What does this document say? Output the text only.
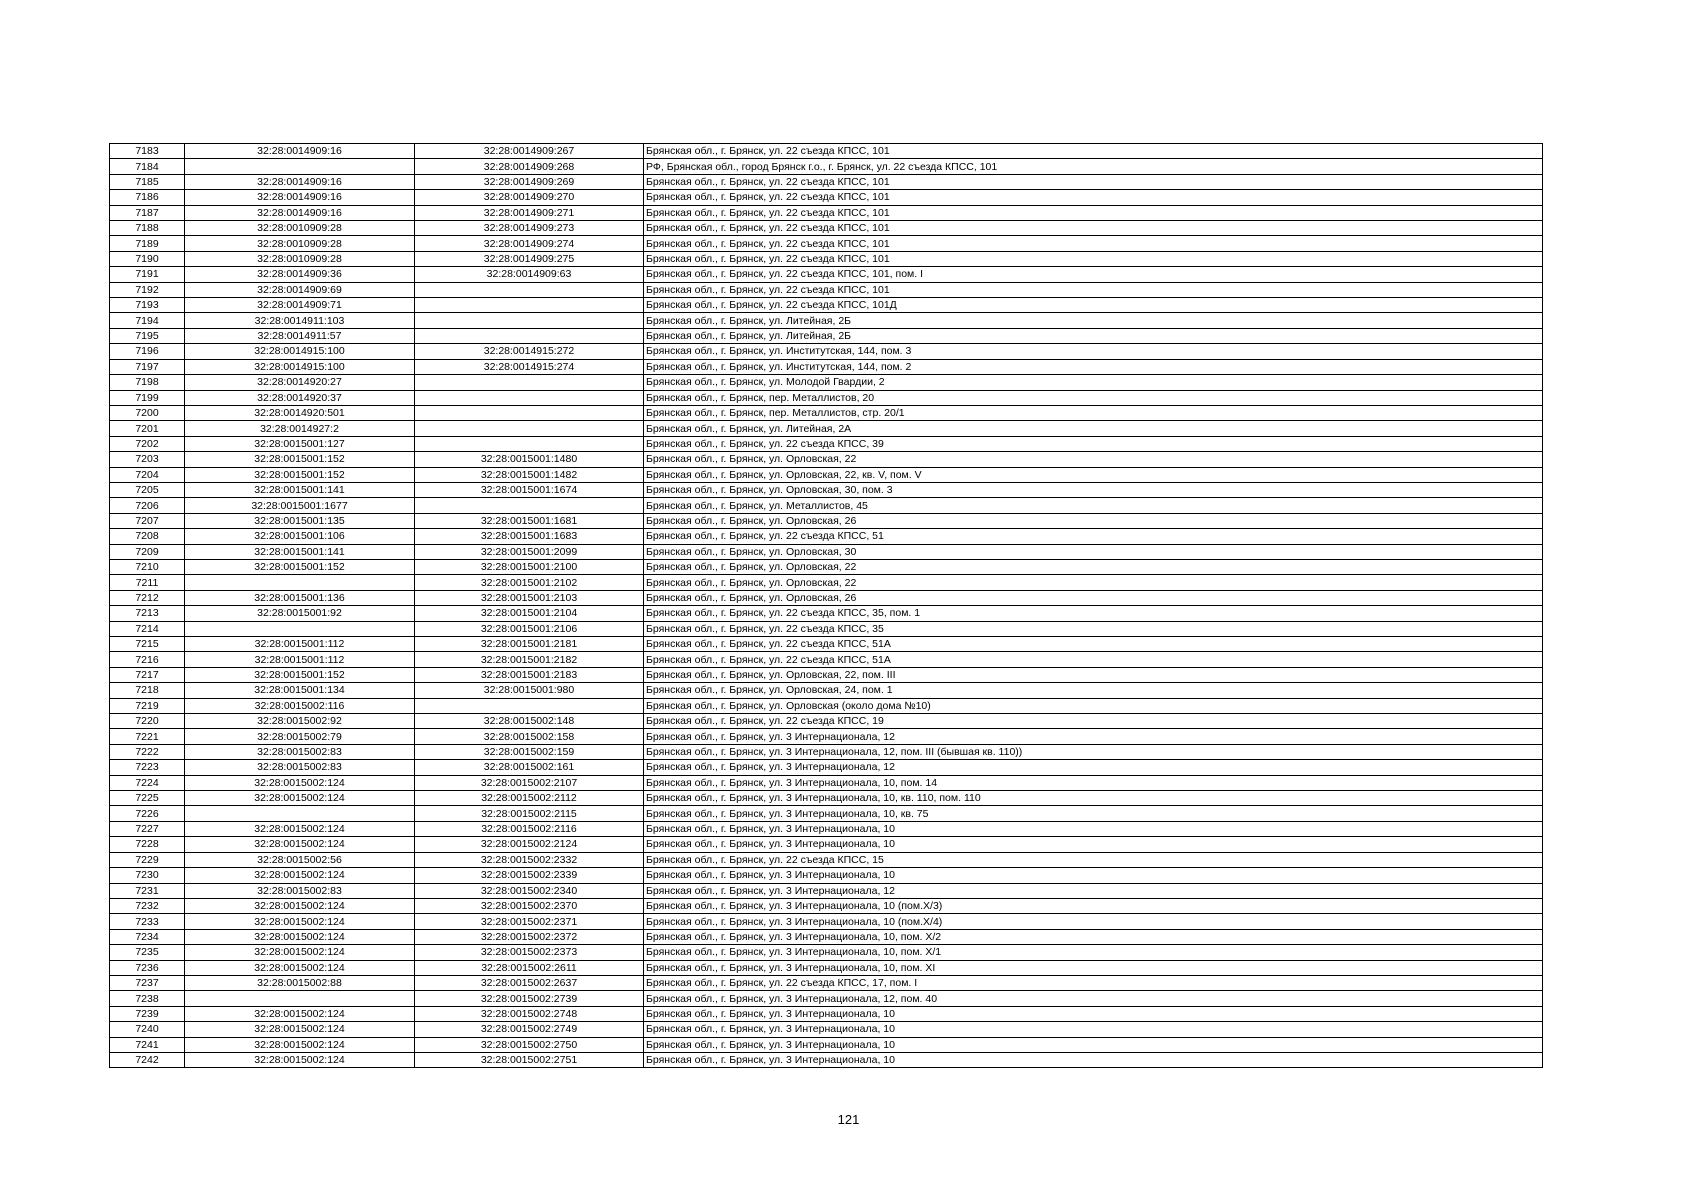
7183	32:28:0014909:16	32:28:0014909:267	Брянская обл., г. Брянск, ул. 22 съезда КПСС, 101
7184		32:28:0014909:268	РФ, Брянская обл., город Брянск г.о., г. Брянск, ул. 22 съезда КПСС, 101
7185	32:28:0014909:16	32:28:0014909:269	Брянская обл., г. Брянск, ул. 22 съезда КПСС, 101
7186	32:28:0014909:16	32:28:0014909:270	Брянская обл., г. Брянск, ул. 22 съезда КПСС, 101
7187	32:28:0014909:16	32:28:0014909:271	Брянская обл., г. Брянск, ул. 22 съезда КПСС, 101
7188	32:28:0010909:28	32:28:0014909:273	Брянская обл., г. Брянск, ул. 22 съезда КПСС, 101
7189	32:28:0010909:28	32:28:0014909:274	Брянская обл., г. Брянск, ул. 22 съезда КПСС, 101
7190	32:28:0010909:28	32:28:0014909:275	Брянская обл., г. Брянск, ул. 22 съезда КПСС, 101
7191	32:28:0014909:36	32:28:0014909:63	Брянская обл., г. Брянск, ул. 22 съезда КПСС, 101, пом. I
7192	32:28:0014909:69		Брянская обл., г. Брянск, ул. 22 съезда КПСС, 101
7193	32:28:0014909:71		Брянская обл., г. Брянск, ул. 22 съезда КПСС, 101Д
7194	32:28:0014911:103		Брянская обл., г. Брянск, ул. Литейная, 2Б
7195	32:28:0014911:57		Брянская обл., г. Брянск, ул. Литейная, 2Б
7196	32:28:0014915:100	32:28:0014915:272	Брянская обл., г. Брянск, ул. Институтская, 144, пом. 3
7197	32:28:0014915:100	32:28:0014915:274	Брянская обл., г. Брянск, ул. Институтская, 144, пом. 2
7198	32:28:0014920:27		Брянская обл., г. Брянск, ул. Молодой Гвардии, 2
7199	32:28:0014920:37		Брянская обл., г. Брянск, пер. Металлистов, 20
7200	32:28:0014920:501		Брянская обл., г. Брянск, пер. Металлистов, стр. 20/1
7201	32:28:0014927:2		Брянская обл., г. Брянск, ул. Литейная, 2А
7202	32:28:0015001:127		Брянская обл., г. Брянск, ул. 22 съезда КПСС, 39
7203	32:28:0015001:152	32:28:0015001:1480	Брянская обл., г. Брянск, ул. Орловская, 22
7204	32:28:0015001:152	32:28:0015001:1482	Брянская обл., г. Брянск, ул. Орловская, 22, кв. V, пом. V
7205	32:28:0015001:141	32:28:0015001:1674	Брянская обл., г. Брянск, ул. Орловская, 30, пом. 3
7206	32:28:0015001:1677		Брянская обл., г. Брянск, ул. Металлистов, 45
7207	32:28:0015001:135	32:28:0015001:1681	Брянская обл., г. Брянск, ул. Орловская, 26
7208	32:28:0015001:106	32:28:0015001:1683	Брянская обл., г. Брянск, ул. 22 съезда КПСС, 51
7209	32:28:0015001:141	32:28:0015001:2099	Брянская обл., г. Брянск, ул. Орловская, 30
7210	32:28:0015001:152	32:28:0015001:2100	Брянская обл., г. Брянск, ул. Орловская, 22
7211		32:28:0015001:2102	Брянская обл., г. Брянск, ул. Орловская, 22
7212	32:28:0015001:136	32:28:0015001:2103	Брянская обл., г. Брянск, ул. Орловская, 26
7213	32:28:0015001:92	32:28:0015001:2104	Брянская обл., г. Брянск, ул. 22 съезда КПСС, 35, пом. 1
7214		32:28:0015001:2106	Брянская обл., г. Брянск, ул. 22 съезда КПСС, 35
7215	32:28:0015001:112	32:28:0015001:2181	Брянская обл., г. Брянск, ул. 22 съезда КПСС, 51А
7216	32:28:0015001:112	32:28:0015001:2182	Брянская обл., г. Брянск, ул. 22 съезда КПСС, 51А
7217	32:28:0015001:152	32:28:0015001:2183	Брянская обл., г. Брянск, ул. Орловская, 22, пом. III
7218	32:28:0015001:134	32:28:0015001:980	Брянская обл., г. Брянск, ул. Орловская, 24, пом. 1
7219	32:28:0015002:116		Брянская обл., г. Брянск, ул. Орловская (около дома №10)
7220	32:28:0015002:92	32:28:0015002:148	Брянская обл., г. Брянск, ул. 22 съезда КПСС, 19
7221	32:28:0015002:79	32:28:0015002:158	Брянская обл., г. Брянск, ул. 3 Интернационала, 12
7222	32:28:0015002:83	32:28:0015002:159	Брянская обл., г. Брянск, ул. 3 Интернационала, 12, пом. III (бывшая кв. 110))
7223	32:28:0015002:83	32:28:0015002:161	Брянская обл., г. Брянск, ул. 3 Интернационала, 12
7224	32:28:0015002:124	32:28:0015002:2107	Брянская обл., г. Брянск, ул. 3 Интернационала, 10, пом. 14
7225	32:28:0015002:124	32:28:0015002:2112	Брянская обл., г. Брянск, ул. 3 Интернационала, 10, кв. 110, пом. 110
7226		32:28:0015002:2115	Брянская обл., г. Брянск, ул. 3 Интернационала, 10, кв. 75
7227	32:28:0015002:124	32:28:0015002:2116	Брянская обл., г. Брянск, ул. 3 Интернационала, 10
7228	32:28:0015002:124	32:28:0015002:2124	Брянская обл., г. Брянск, ул. 3 Интернационала, 10
7229	32:28:0015002:56	32:28:0015002:2332	Брянская обл., г. Брянск, ул. 22 съезда КПСС, 15
7230	32:28:0015002:124	32:28:0015002:2339	Брянская обл., г. Брянск, ул. 3 Интернационала, 10
7231	32:28:0015002:83	32:28:0015002:2340	Брянская обл., г. Брянск, ул. 3 Интернационала, 12
7232	32:28:0015002:124	32:28:0015002:2370	Брянская обл., г. Брянск, ул. 3 Интернационала, 10 (пом.Х/3)
7233	32:28:0015002:124	32:28:0015002:2371	Брянская обл., г. Брянск, ул. 3 Интернационала, 10 (пом.Х/4)
7234	32:28:0015002:124	32:28:0015002:2372	Брянская обл., г. Брянск, ул. 3 Интернационала, 10, пом. Х/2
7235	32:28:0015002:124	32:28:0015002:2373	Брянская обл., г. Брянск, ул. 3 Интернационала, 10, пом. Х/1
7236	32:28:0015002:124	32:28:0015002:2611	Брянская обл., г. Брянск, ул. 3 Интернационала, 10, пом. ХI
7237	32:28:0015002:88	32:28:0015002:2637	Брянская обл., г. Брянск, ул. 22 съезда КПСС, 17, пом. I
7238		32:28:0015002:2739	Брянская обл., г. Брянск, ул. 3 Интернационала, 12, пом. 40
7239	32:28:0015002:124	32:28:0015002:2748	Брянская обл., г. Брянск, ул. 3 Интернационала, 10
7240	32:28:0015002:124	32:28:0015002:2749	Брянская обл., г. Брянск, ул. 3 Интернационала, 10
7241	32:28:0015002:124	32:28:0015002:2750	Брянская обл., г. Брянск, ул. 3 Интернационала, 10
7242	32:28:0015002:124	32:28:0015002:2751	Брянская обл., г. Брянск, ул. 3 Интернационала, 10
121
